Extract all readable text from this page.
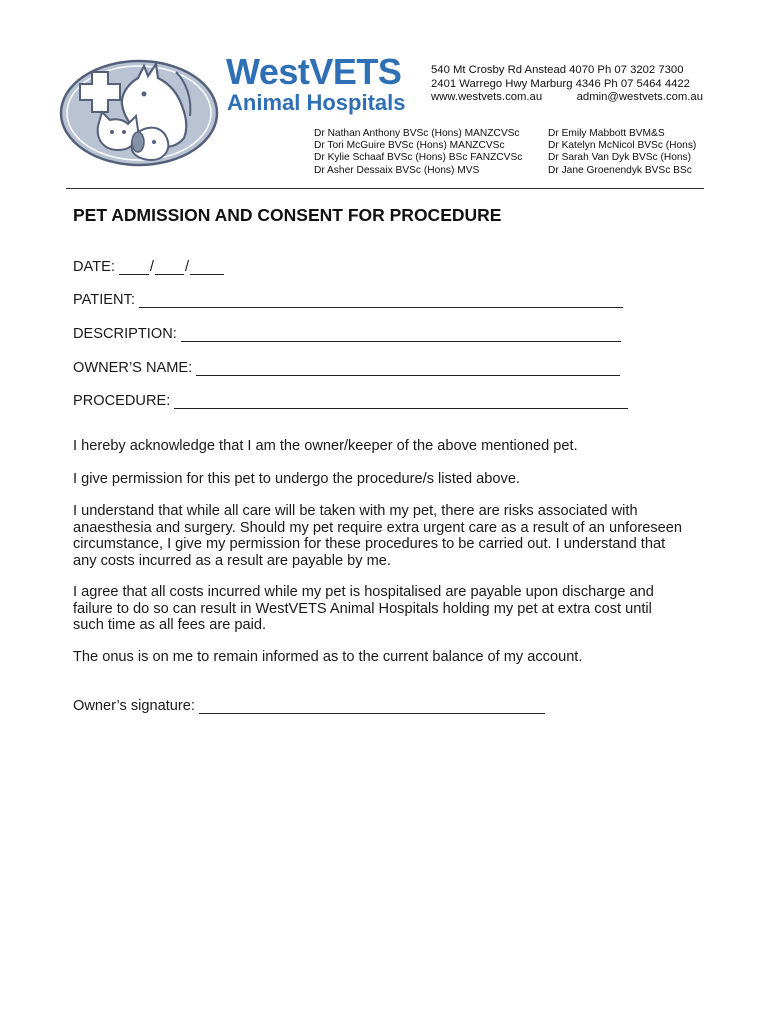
WestVETS
Animal Hospitals
540 Mt Crosby Rd Anstead 4070 Ph 07 3202 7300
2401 Warrego Hwy Marburg 4346 Ph 07 5464 4422
www.westvets.com.au	admin@westvets.com.au
Dr Nathan Anthony BVSc (Hons) MANZCVSc
Dr Tori McGuire BVSc (Hons) MANZCVSc
Dr Kylie Schaaf BVSc (Hons) BSc FANZCVSc
Dr Asher Dessaix BVSc (Hons) MVS
Dr Emily Mabbott BVM&S
Dr Katelyn McNicol BVSc (Hons)
Dr Sarah Van Dyk BVSc (Hons)
Dr Jane Groenendyk BVSc BSc
PET ADMISSION AND CONSENT FOR PROCEDURE
DATE: / /
PATIENT:
DESCRIPTION:
OWNER’S NAME:
PROCEDURE:
I hereby acknowledge that I am the owner/keeper of the above mentioned pet.
I give permission for this pet to undergo the procedure/s listed above.
I understand that while all care will be taken with my pet, there are risks associated with
anaesthesia and surgery. Should my pet require extra urgent care as a result of an unforeseen
circumstance, I give my permission for these procedures to be carried out. I understand that
any costs incurred as a result are payable by me.
I agree that all costs incurred while my pet is hospitalised are payable upon discharge and
failure to do so can result in WestVETS Animal Hospitals holding my pet at extra cost until
such time as all fees are paid.
The onus is on me to remain informed as to the current balance of my account.
Owner’s signature:
